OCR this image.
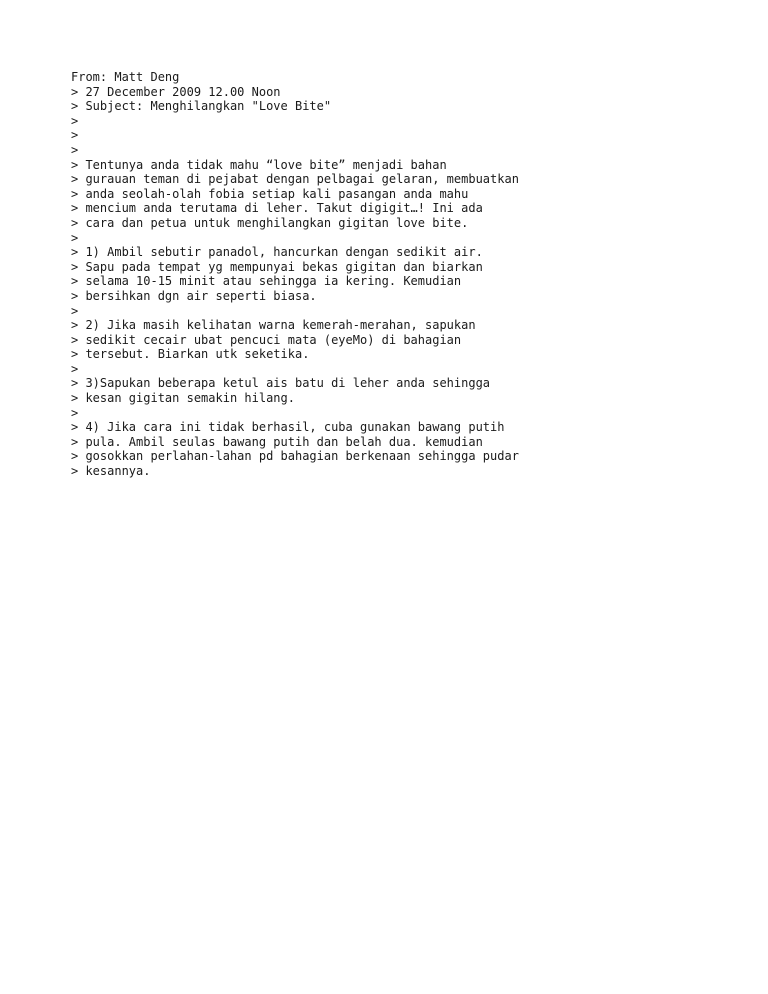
From: Matt Deng
> 27 December 2009 12.00 Noon
> Subject: Menghilangkan "Love Bite"
>
>
>
> Tentunya anda tidak mahu “love bite” menjadi bahan
> gurauan teman di pejabat dengan pelbagai gelaran, membuatkan
> anda seolah-olah fobia setiap kali pasangan anda mahu
> mencium anda terutama di leher. Takut digigit…! Ini ada
> cara dan petua untuk menghilangkan gigitan love bite.
>
> 1) Ambil sebutir panadol, hancurkan dengan sedikit air.
> Sapu pada tempat yg mempunyai bekas gigitan dan biarkan
> selama 10-15 minit atau sehingga ia kering. Kemudian
> bersihkan dgn air seperti biasa.
>
> 2) Jika masih kelihatan warna kemerah-merahan, sapukan
> sedikit cecair ubat pencuci mata (eyeMo) di bahagian
> tersebut. Biarkan utk seketika.
>
> 3)Sapukan beberapa ketul ais batu di leher anda sehingga
> kesan gigitan semakin hilang.
>
> 4) Jika cara ini tidak berhasil, cuba gunakan bawang putih
> pula. Ambil seulas bawang putih dan belah dua. kemudian
> gosokkan perlahan-lahan pd bahagian berkenaan sehingga pudar
> kesannya.
